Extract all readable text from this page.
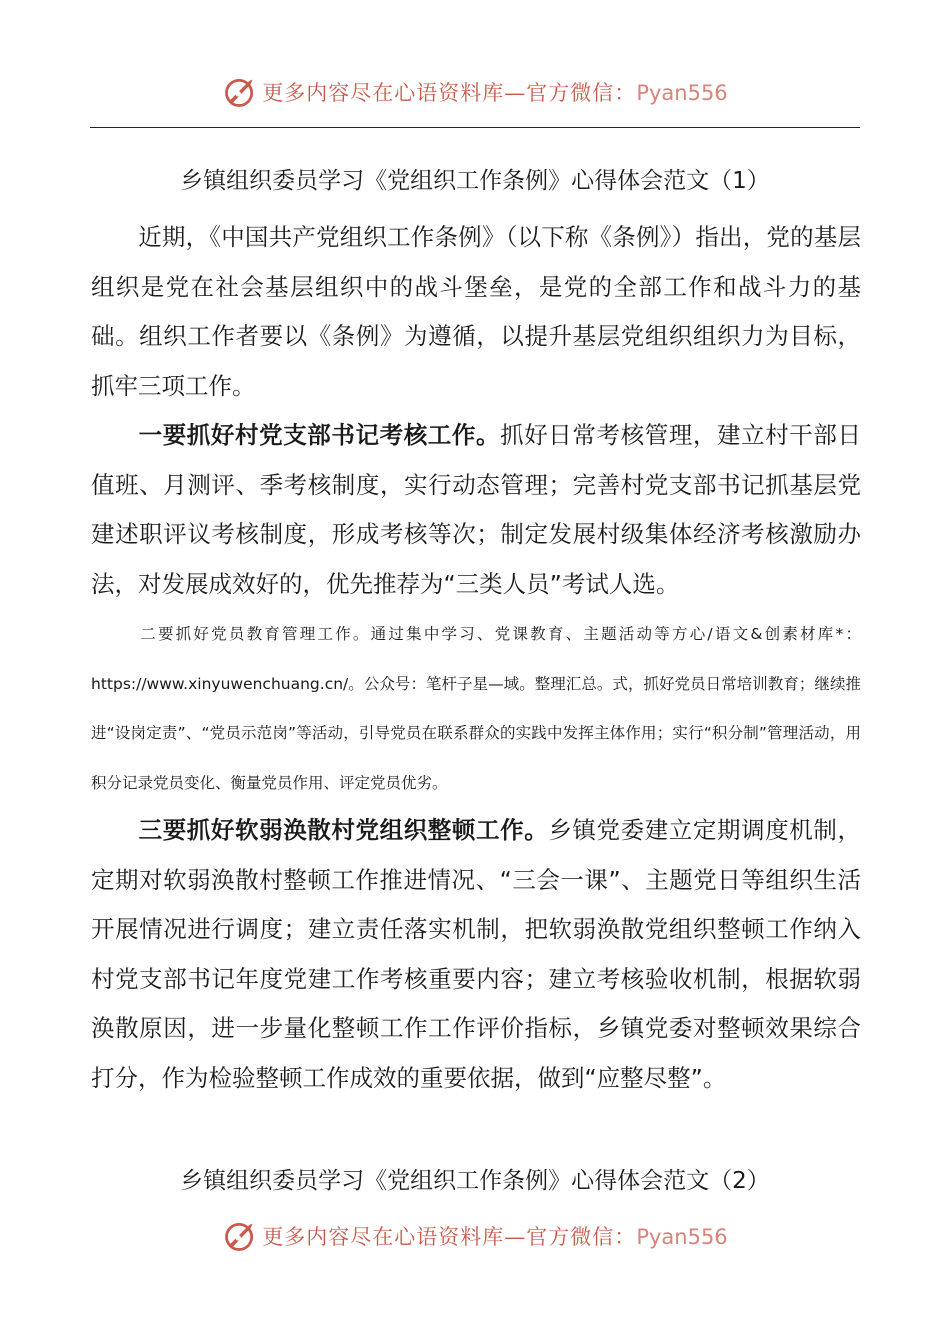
更多内容尽在心语资料库—官方微信：Pyan556
乡镇组织委员学习《党组织工作条例》心得体会范文（1）

近期，《中国共产党组织工作条例》（以下称《条例》）指出，党的基层组织是党在社会基层组织中的战斗堡垒，是党的全部工作和战斗力的基础。组织工作者要以《条例》为遵循，以提升基层党组织组织力为目标，抓牢三项工作。

一要抓好村党支部书记考核工作。抓好日常考核管理，建立村干部日值班、月测评、季考核制度，实行动态管理；完善村党支部书记抓基层党建述职评议考核制度，形成考核等次；制定发展村级集体经济考核激励办法，对发展成效好的，优先推荐为“三类人员”考试人选。

二要抓好党员教育管理工作。通过集中学习、党课教育、主题活动等方心/语文&创素材库*：https://www.xinyuwenchuang.cn/。公众号：笔杆子星—域。整理汇总。式，抓好党员日常培训教育；继续推进“设岗定责”、“党员示范岗”等活动，引导党员在联系群众的实践中发挥主体作用；实行“积分制”管理活动，用积分记录党员变化、衡量党员作用、评定党员优劣。

三要抓好软弱涣散村党组织整顿工作。乡镇党委建立定期调度机制，定期对软弱涣散村整顿工作推进情况、“三会一课”、主题党日等组织生活开展情况进行调度；建立责任落实机制，把软弱涣散党组织整顿工作纳入村党支部书记年度党建工作考核重要内容；建立考核验收机制，根据软弱涣散原因，进一步量化整顿工作工作评价指标，乡镇党委对整顿效果综合打分，作为检验整顿工作成效的重要依据，做到“应整尽整”。

乡镇组织委员学习《党组织工作条例》心得体会范文（2）
更多内容尽在心语资料库—官方微信：Pyan556
